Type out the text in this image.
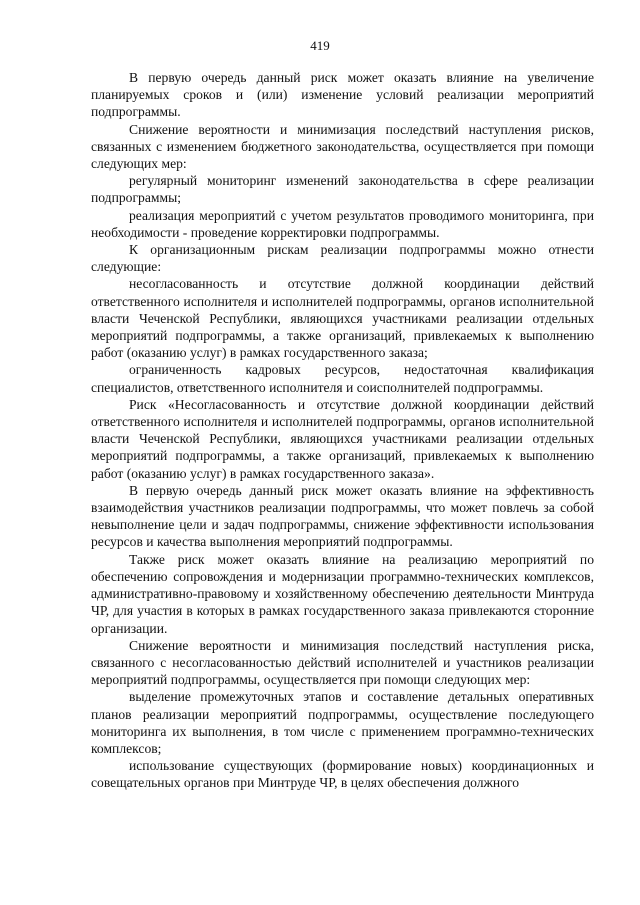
419

В первую очередь данный риск может оказать влияние на увеличение планируемых сроков и (или) изменение условий реализации мероприятий подпрограммы.

Снижение вероятности и минимизация последствий наступления рисков, связанных с изменением бюджетного законодательства, осуществляется при помощи следующих мер:

регулярный мониторинг изменений законодательства в сфере реализации подпрограммы;

реализация мероприятий с учетом результатов проводимого мониторинга, при необходимости - проведение корректировки подпрограммы.

К организационным рискам реализации подпрограммы можно отнести следующие:

несогласованность и отсутствие должной координации действий ответственного исполнителя и исполнителей подпрограммы, органов исполнительной власти Чеченской Республики, являющихся участниками реализации отдельных мероприятий подпрограммы, а также организаций, привлекаемых к выполнению работ (оказанию услуг) в рамках государственного заказа;

ограниченность кадровых ресурсов, недостаточная квалификация специалистов, ответственного исполнителя и соисполнителей подпрограммы.

Риск «Несогласованность и отсутствие должной координации действий ответственного исполнителя и исполнителей подпрограммы, органов исполнительной власти Чеченской Республики, являющихся участниками реализации отдельных мероприятий подпрограммы, а также организаций, привлекаемых к выполнению работ (оказанию услуг) в рамках государственного заказа».

В первую очередь данный риск может оказать влияние на эффективность взаимодействия участников реализации подпрограммы, что может повлечь за собой невыполнение цели и задач подпрограммы, снижение эффективности использования ресурсов и качества выполнения мероприятий подпрограммы.

Также риск может оказать влияние на реализацию мероприятий по обеспечению сопровождения и модернизации программно-технических комплексов, административно-правовому и хозяйственному обеспечению деятельности Минтруда ЧР, для участия в которых в рамках государственного заказа привлекаются сторонние организации.

Снижение вероятности и минимизация последствий наступления риска, связанного с несогласованностью действий исполнителей и участников реализации мероприятий подпрограммы, осуществляется при помощи следующих мер:

выделение промежуточных этапов и составление детальных оперативных планов реализации мероприятий подпрограммы, осуществление последующего мониторинга их выполнения, в том числе с применением программно-технических комплексов;

использование существующих (формирование новых) координационных и совещательных органов при Минтруде ЧР, в целях обеспечения должного
